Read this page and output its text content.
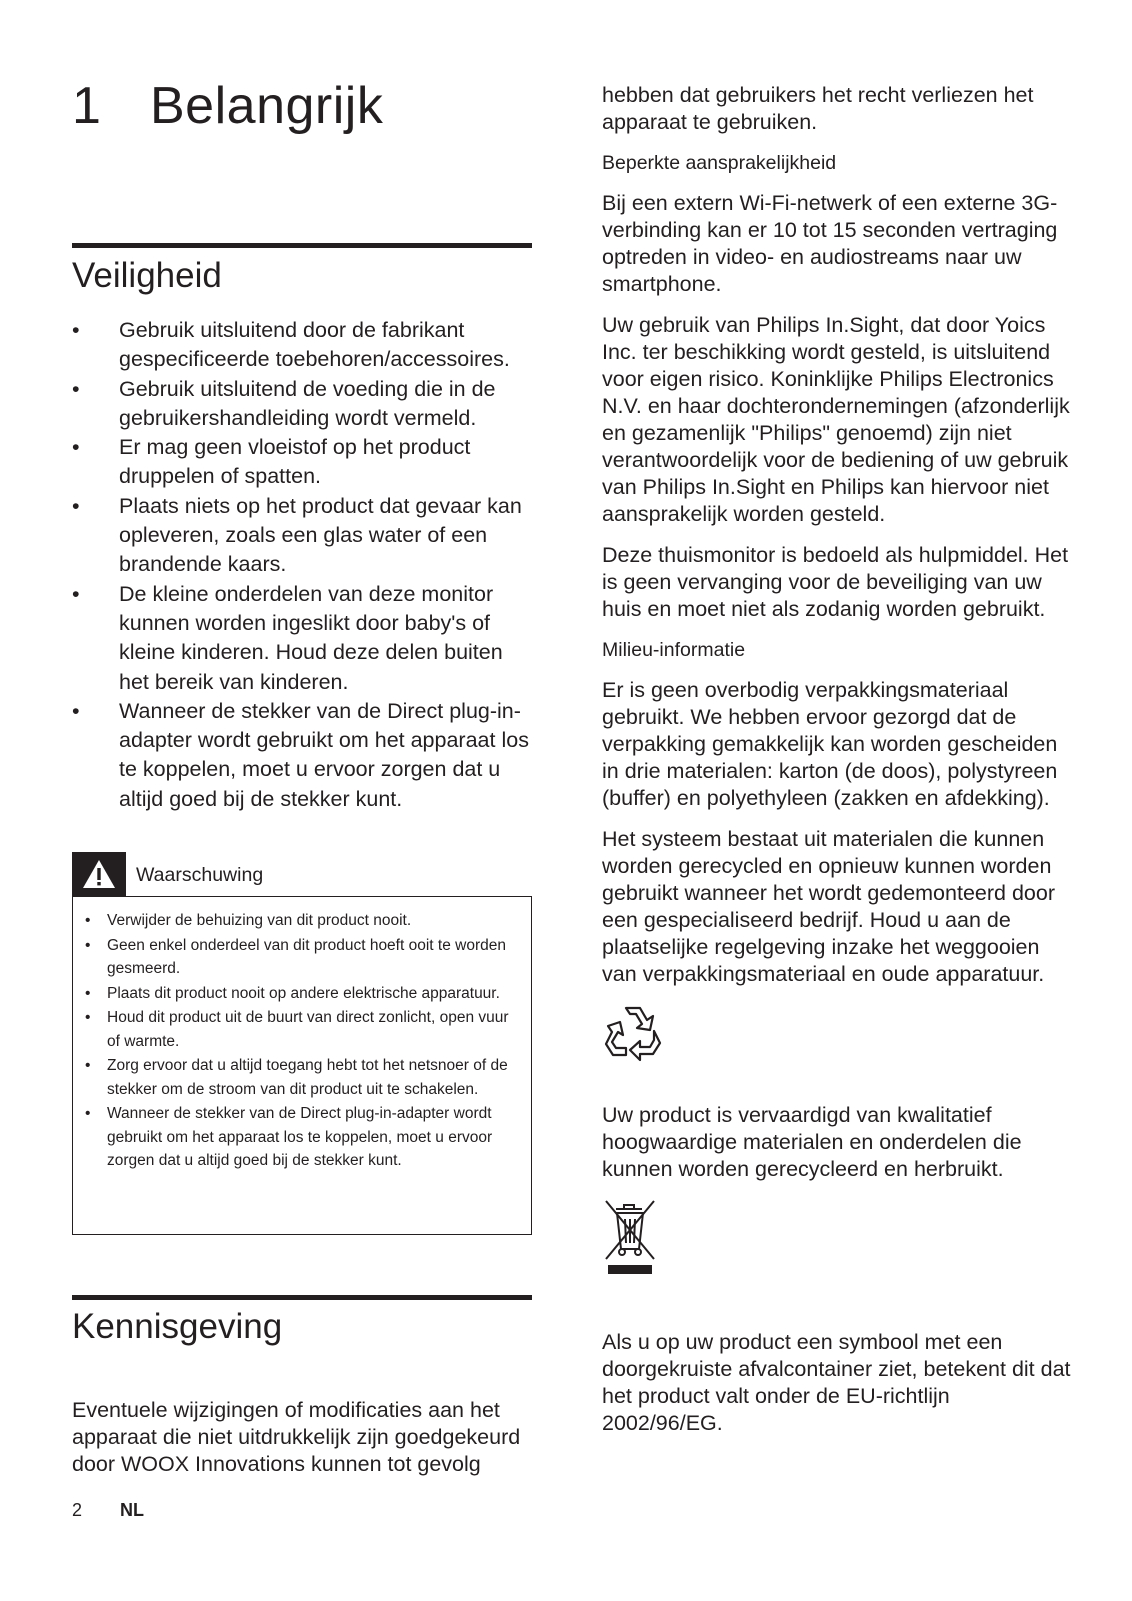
1 Belangrijk
Veiligheid
• Gebruik uitsluitend door de fabrikant gespecificeerde toebehoren/accessoires.
• Gebruik uitsluitend de voeding die in de gebruikershandleiding wordt vermeld.
• Er mag geen vloeistof op het product druppelen of spatten.
• Plaats niets op het product dat gevaar kan opleveren, zoals een glas water of een brandende kaars.
• De kleine onderdelen van deze monitor kunnen worden ingeslikt door baby's of kleine kinderen. Houd deze delen buiten het bereik van kinderen.
• Wanneer de stekker van de Direct plug-in-adapter wordt gebruikt om het apparaat los te koppelen, moet u ervoor zorgen dat u altijd goed bij de stekker kunt.
Waarschuwing
• Verwijder de behuizing van dit product nooit.
• Geen enkel onderdeel van dit product hoeft ooit te worden gesmeerd.
• Plaats dit product nooit op andere elektrische apparatuur.
• Houd dit product uit de buurt van direct zonlicht, open vuur of warmte.
• Zorg ervoor dat u altijd toegang hebt tot het netsnoer of de stekker om de stroom van dit product uit te schakelen.
• Wanneer de stekker van de Direct plug-in-adapter wordt gebruikt om het apparaat los te koppelen, moet u ervoor zorgen dat u altijd goed bij de stekker kunt.
Kennisgeving

Eventuele wijzigingen of modificaties aan het apparaat die niet uitdrukkelijk zijn goedgekeurd door WOOX Innovations kunnen tot gevolg

hebben dat gebruikers het recht verliezen het apparaat te gebruiken.

Beperkte aansprakelijkheid

Bij een extern Wi-Fi-netwerk of een externe 3G-verbinding kan er 10 tot 15 seconden vertraging optreden in video- en audiostreams naar uw smartphone.

Uw gebruik van Philips In.Sight, dat door Yoics Inc. ter beschikking wordt gesteld, is uitsluitend voor eigen risico. Koninklijke Philips Electronics N.V. en haar dochterondernemingen (afzonderlijk en gezamenlijk "Philips" genoemd) zijn niet verantwoordelijk voor de bediening of uw gebruik van Philips In.Sight en Philips kan hiervoor niet aansprakelijk worden gesteld.

Deze thuismonitor is bedoeld als hulpmiddel. Het is geen vervanging voor de beveiliging van uw huis en moet niet als zodanig worden gebruikt.

Milieu-informatie

Er is geen overbodig verpakkingsmateriaal gebruikt. We hebben ervoor gezorgd dat de verpakking gemakkelijk kan worden gescheiden in drie materialen: karton (de doos), polystyreen (buffer) en polyethyleen (zakken en afdekking).

Het systeem bestaat uit materialen die kunnen worden gerecycled en opnieuw kunnen worden gebruikt wanneer het wordt gedemonteerd door een gespecialiseerd bedrijf. Houd u aan de plaatselijke regelgeving inzake het weggooien van verpakkingsmateriaal en oude apparatuur.

Uw product is vervaardigd van kwalitatief hoogwaardige materialen en onderdelen die kunnen worden gerecycleerd en herbruikt.

Als u op uw product een symbool met een doorgekruiste afvalcontainer ziet, betekent dit dat het product valt onder de EU-richtlijn 2002/96/EG.

2 NL
